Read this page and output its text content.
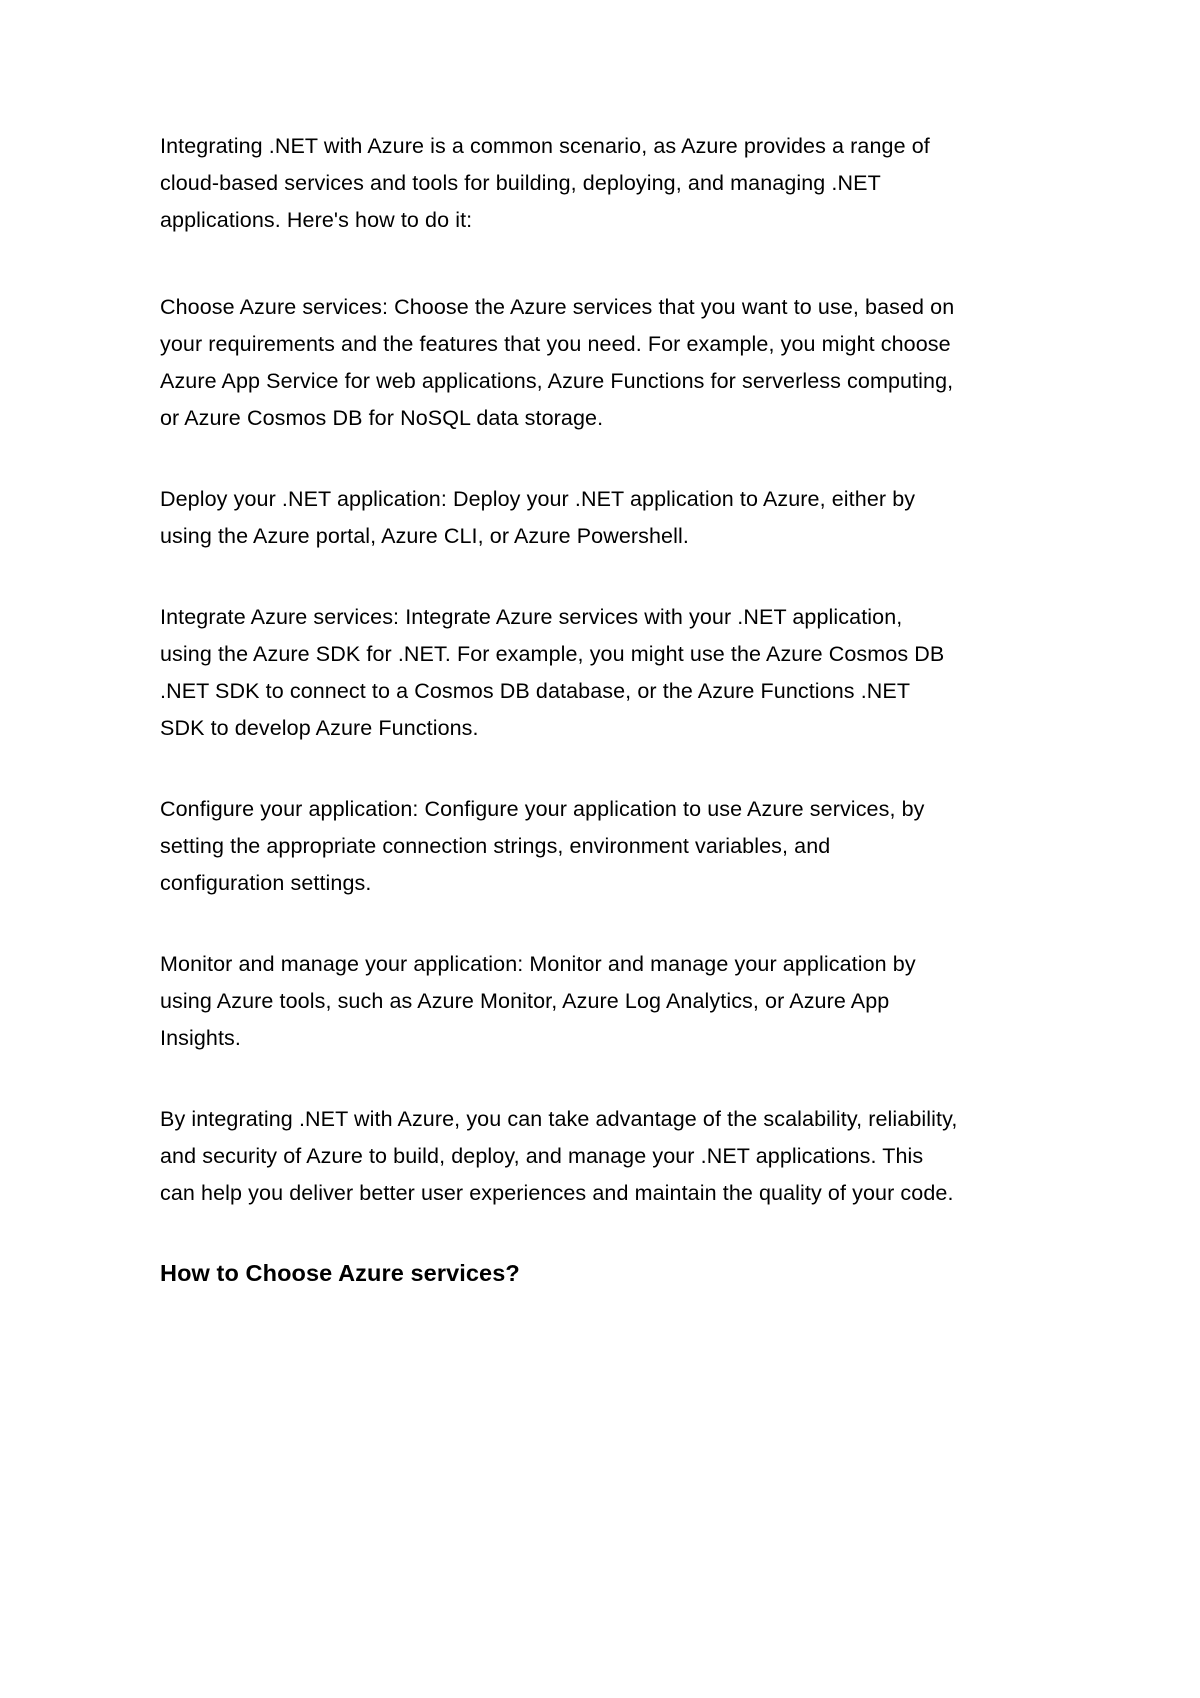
Integrating .NET with Azure is a common scenario, as Azure provides a range of cloud-based services and tools for building, deploying, and managing .NET applications. Here's how to do it:

Choose Azure services: Choose the Azure services that you want to use, based on your requirements and the features that you need. For example, you might choose Azure App Service for web applications, Azure Functions for serverless computing, or Azure Cosmos DB for NoSQL data storage.

Deploy your .NET application: Deploy your .NET application to Azure, either by using the Azure portal, Azure CLI, or Azure Powershell.

Integrate Azure services: Integrate Azure services with your .NET application, using the Azure SDK for .NET. For example, you might use the Azure Cosmos DB .NET SDK to connect to a Cosmos DB database, or the Azure Functions .NET SDK to develop Azure Functions.

Configure your application: Configure your application to use Azure services, by setting the appropriate connection strings, environment variables, and configuration settings.

Monitor and manage your application: Monitor and manage your application by using Azure tools, such as Azure Monitor, Azure Log Analytics, or Azure App Insights.

By integrating .NET with Azure, you can take advantage of the scalability, reliability, and security of Azure to build, deploy, and manage your .NET applications. This can help you deliver better user experiences and maintain the quality of your code.

How to Choose Azure services?
